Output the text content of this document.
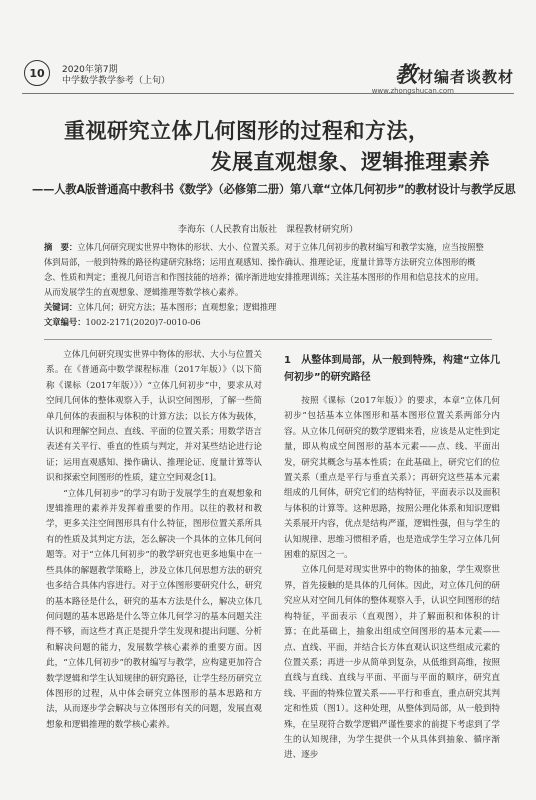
10	2020年第7期
中学数学教学参考（上旬）	教材编者谈教材
www.zhongshucan.com
重视研究立体几何图形的过程和方法，
发展直观想象、逻辑推理素养
——人教A版普通高中教科书《数学》（必修第二册）第八章“立体几何初步”的教材设计与教学反思
李海东（人民教育出版社　课程教材研究所）
摘　要：立体几何研究现实世界中物体的形状、大小、位置关系。对于立体几何初步的教材编写和教学实施，应当按照整体到局部，一般到特殊的路径构建研究脉络；运用直观感知、操作确认、推理论证，度量计算等方法研究立体图形的概念、性质和判定；重视几何语言和作图技能的培养；循序渐进地安排推理训练；关注基本图形的作用和信息技术的应用。从而发展学生的直观想象、逻辑推理等数学核心素养。
关键词：立体几何；研究方法；基本图形；直观想象；逻辑推理
文章编号：1002-2171(2020)7-0010-06

立体几何研究现实世界中物体的形状、大小与位置关系。在《普通高中数学课程标准（2017年版）》（以下简称《课标（2017年版）》）“立体几何初步”中，要求从对空间几何体的整体观察入手，认识空间图形，了解一些简单几何体的表面积与体积的计算方法；以长方体为载体，认识和理解空间点、直线、平面的位置关系；用数学语言表述有关平行、垂直的性质与判定，并对某些结论进行论证；运用直观感知、操作确认、推理论证、度量计算等认识和探索空间图形的性质，建立空间观念[1]。

“立体几何初步”的学习有助于发展学生的直观想象和逻辑推理的素养并发挥着重要的作用。以往的教材和教学，更多关注空间图形具有什么特征，图形位置关系所具有的性质及其判定方法，怎么解决一个具体的立体几何问题等。对于“立体几何初步”的教学研究也更多地集中在一些具体的解题教学策略上，涉及立体几何思想方法的研究也多结合具体内容进行。对于立体图形要研究什么，研究的基本路径是什么，研究的基本方法是什么，解决立体几何问题的基本思路是什么等立体几何学习的基本问题关注得不够，而这些才真正是提升学生发现和提出问题、分析和解决问题的能力，发展数学核心素养的重要方面。因此，“立体几何初步”的教材编写与教学，应构建更加符合数学逻辑和学生认知规律的研究路径，让学生经历研究立体图形的过程，从中体会研究立体图形的基本思路和方法，从而逐步学会解决与立体图形有关的问题，发展直观想象和逻辑推理的数学核心素养。

1　从整体到局部，从一般到特殊，构建“立体几何初步”的研究路径

按照《课标（2017年版）》的要求，本章“立体几何初步”包括基本立体图形和基本图形位置关系两部分内容。从立体几何研究的数学逻辑来看，应该是从定性到定量，即从构成空间图形的基本元素——点、线、平面出发，研究其概念与基本性质；在此基础上，研究它们的位置关系（重点是平行与垂直关系）；再研究这些基本元素组成的几何体，研究它们的结构特征，平面表示以及面积与体积的计算等。这种思路，按照公理化体系和知识逻辑关系展开内容，优点是结构严谨，逻辑性强，但与学生的认知规律、思维习惯相矛盾，也是造成学生学习立体几何困难的原因之一。

立体几何是对现实世界中的物体的抽象，学生观察世界，首先接触的是具体的几何体。因此，对立体几何的研究应从对空间几何体的整体观察入手，认识空间图形的结构特征，平面表示（直观图），并了解面积和体积的计算；在此基础上，抽象出组成空间图形的基本元素——点、直线、平面，并结合长方体直观认识这些组成元素的位置关系；再进一步从简单到复杂，从低维到高维，按照直线与直线、直线与平面、平面与平面的顺序，研究直线、平面的特殊位置关系——平行和垂直，重点研究其判定和性质（图1）。这种处理，从整体到局部，从一般到特殊，在呈现符合数学逻辑严谨性要求的前提下考虑到了学生的认知规律，为学生提供一个从具体到抽象、循序渐进、逐步
